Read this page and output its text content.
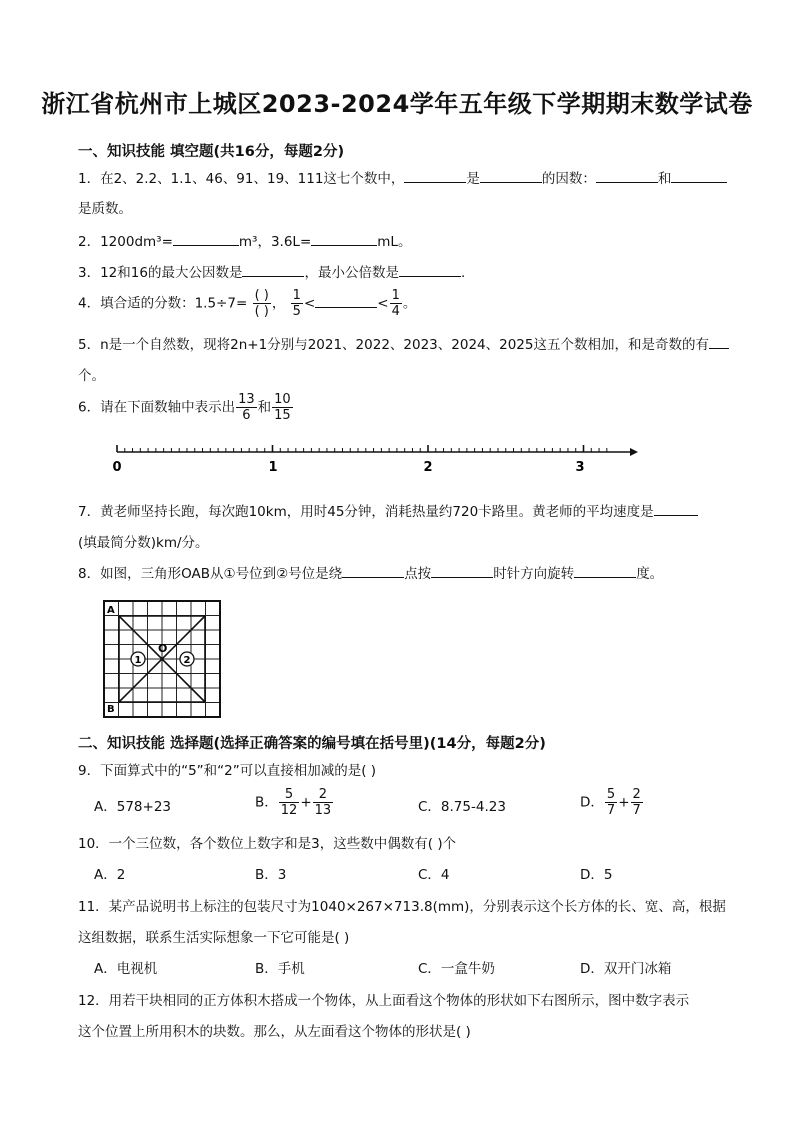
浙江省杭州市上城区2023-2024学年五年级下学期期末数学试卷
一、知识技能 填空题(共16分，每题2分)
1．在2、2.2、1.1、46、91、19、111这七个数中，	是	的因数：	和
是质数。
2．1200dm³=	m³，3.6L=	mL。
3．12和16的最大公因数是	，最小公倍数是	.
4．填合适的分数：$1.5\div 7= \frac{( )}{( )}$ ， $\frac{1}{5}$ <	< $\frac{1}{4}$ 。
5．n是一个自然数，现将2n+1分别与2021、2022、2023、2024、2025这五个数相加，和是奇数的有
个。
6．请在下面数轴中表示出 $\frac{13}{6}$ 和 $\frac{10}{15}$
0	1	2	3
7．黄老师坚持长跑，每次跑10km，用时45分钟，消耗热量约720卡路里。黄老师的平均速度是
(填最简分数)km/分。
8．如图，三角形OAB从①号位到②号位是绕	点按	时针方向旋转	度。
A
B
O
1	2
二、知识技能 选择题(选择正确答案的编号填在括号里)(14分，每题2分)
9．下面算式中的“5”和“2”可以直接相加减的是( )
A．578+23	B． $\frac{5}{12} + \frac{2}{13}$	C．8.75-4.23	D． $\frac{5}{7} + \frac{2}{7}$
10．一个三位数，各个数位上数字和是3，这些数中偶数有( )个
A．2	B．3	C．4	D．5
11．某产品说明书上标注的包装尺寸为1040×267×713.8(mm)，分别表示这个长方体的长、宽、高，根据
这组数据，联系生活实际想象一下它可能是( )
A．电视机	B．手机	C．一盒牛奶	D．双开门冰箱
12．用若干块相同的正方体积木搭成一个物体，从上面看这个物体的形状如下右图所示，图中数字表示
这个位置上所用积木的块数。那么，从左面看这个物体的形状是( )
